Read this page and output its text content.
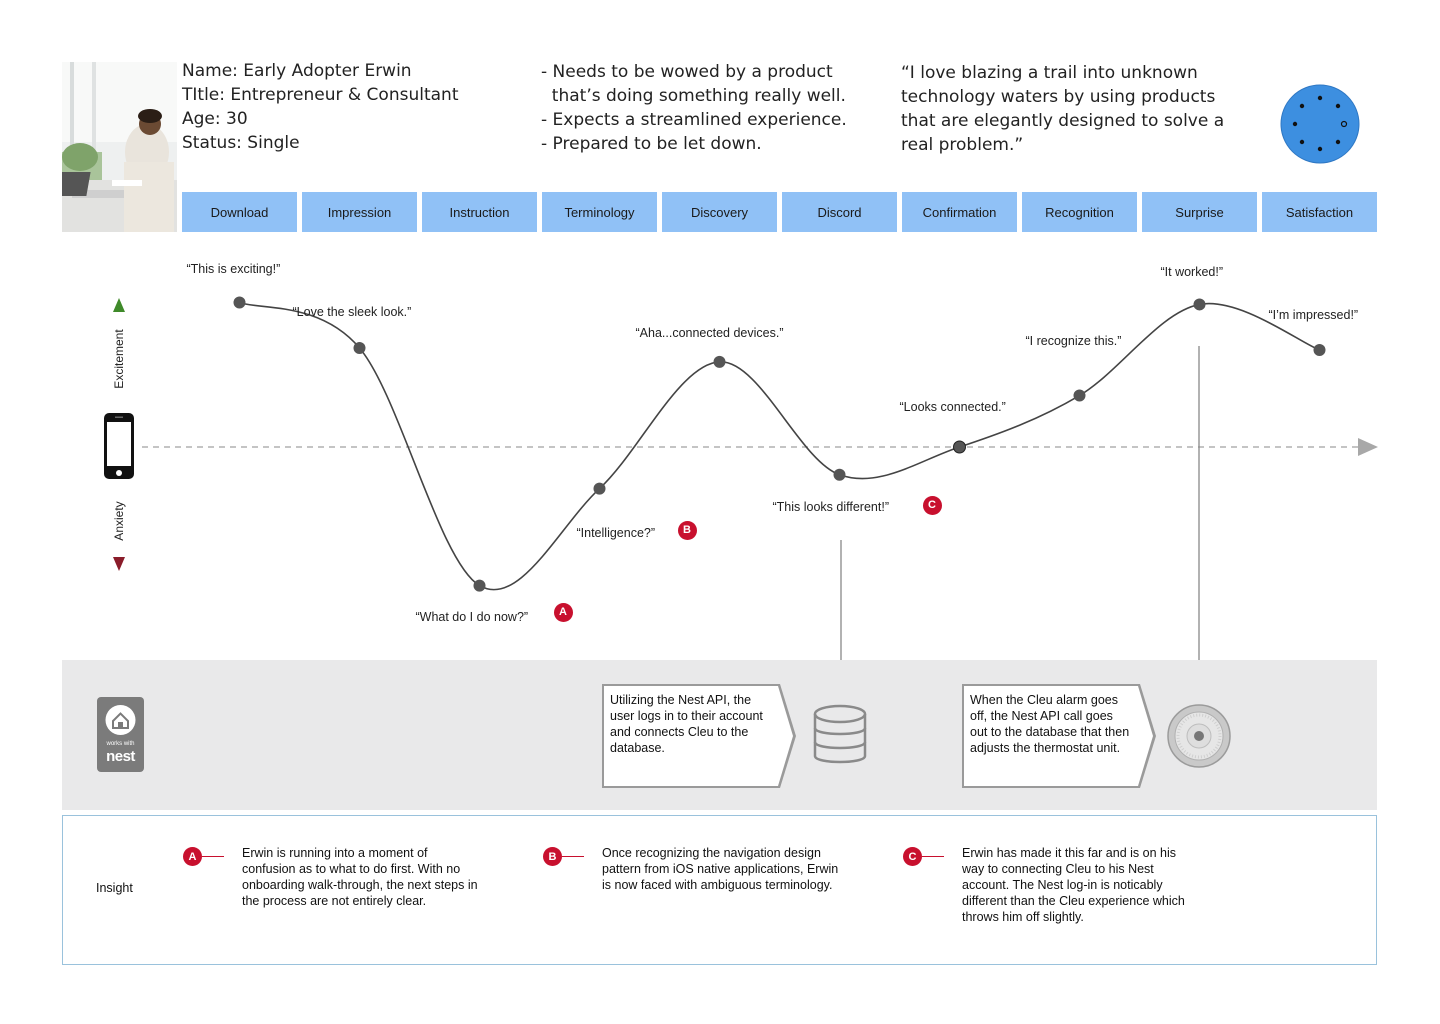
Name: Early Adopter Erwin
TItle: Entrepreneur & Consultant
Age: 30
Status: Single
- Needs to be wowed by a product
that’s doing something really well.
- Expects a streamlined experience.
- Prepared to be let down.
“I love blazing a trail into unknown technology waters by using products that are elegantly designed to solve a real problem.”
Download	Impression	Instruction	Terminology	Discovery	Discord	Confirmation	Recognition	Surprise	Satisfaction
Excitement
Anxiety
“This is exciting!”
“Love the sleek look.”
“What do I do now?”
“Intelligence?”
“Aha...connected devices.”
“This looks different!”
“Looks connected.”
“I recognize this.”
“It worked!”
“I’m impressed!”
A
B
C
works with
nest
Utilizing the Nest API, the user logs in to their account and connects Cleu to the database.
When the Cleu alarm goes off, the Nest API call goes out to the database that then adjusts the thermostat unit.
Insight
A	Erwin is running into a moment of confusion as to what to do first. With no onboarding walk-through, the next steps in the process are not entirely clear.
B	Once recognizing the navigation design pattern from iOS native applications, Erwin is now faced with ambiguous terminology.
C	Erwin has made it this far and is on his way to connecting Cleu to his Nest account. The Nest log-in is noticably different than the Cleu experience which throws him off slightly.
